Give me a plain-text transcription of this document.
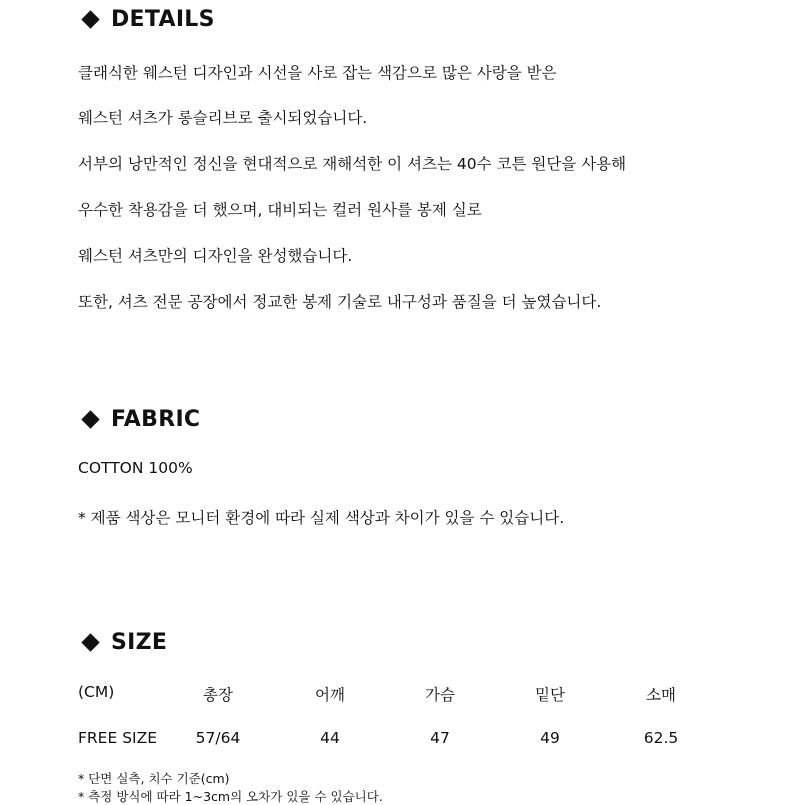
DETAILS
클래식한 웨스턴 디자인과 시선을 사로 잡는 색감으로 많은 사랑을 받은
웨스턴 셔츠가 롱슬리브로 출시되었습니다.
서부의 낭만적인 정신을 현대적으로 재해석한 이 셔츠는 40수 코튼 원단을 사용해
우수한 착용감을 더 했으며, 대비되는 컬러 원사를 봉제 실로
웨스턴 셔츠만의 디자인을 완성했습니다.
또한, 셔츠 전문 공장에서 정교한 봉제 기술로 내구성과 품질을 더 높였습니다.
FABRIC
COTTON 100%
* 제품 색상은 모니터 환경에 따라 실제 색상과 차이가 있을 수 있습니다.
SIZE
(CM)	총장	어깨	가슴	밑단	소매
FREE SIZE	57/64	44	47	49	62.5
* 단면 실측, 치수 기준(cm)
* 측정 방식에 따라 1~3cm의 오차가 있을 수 있습니다.
